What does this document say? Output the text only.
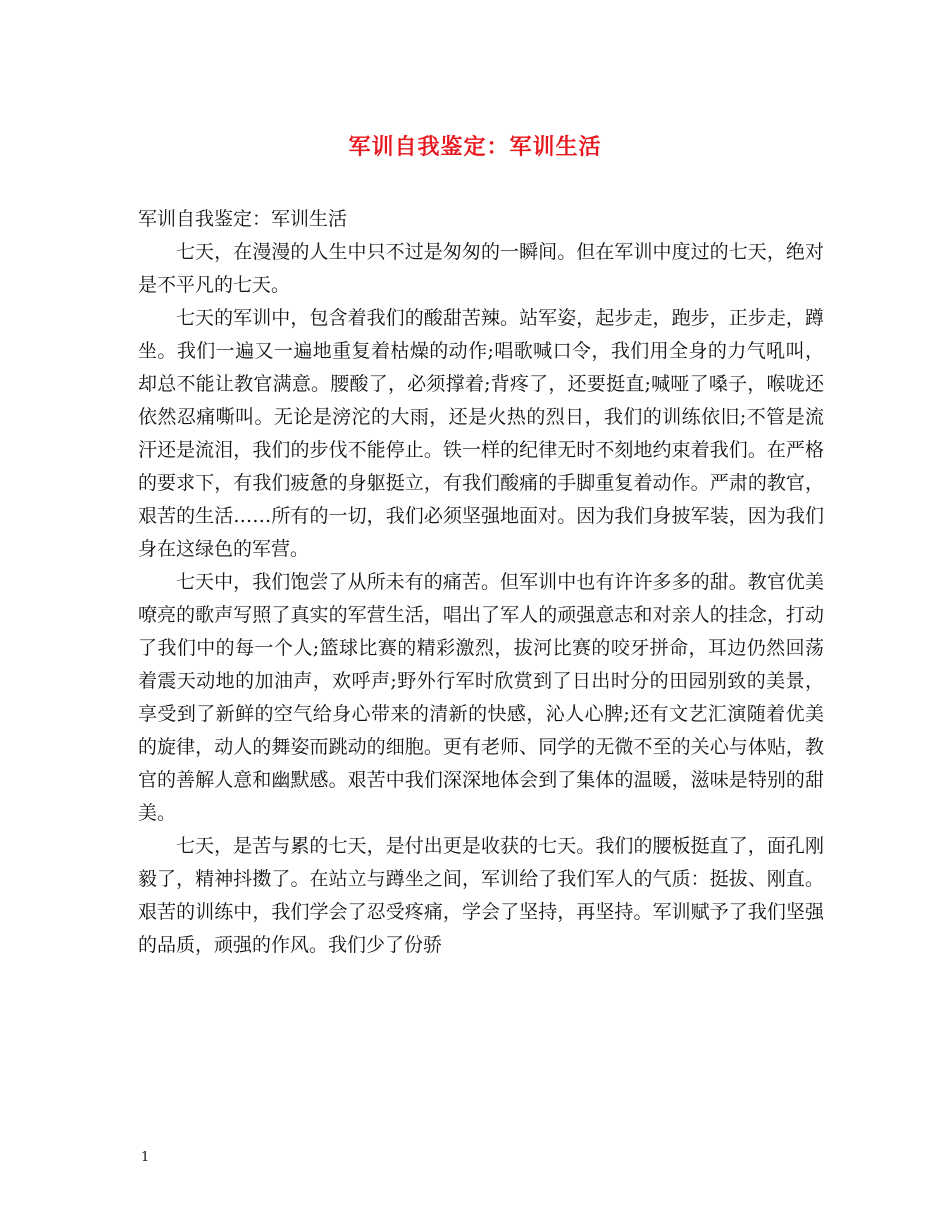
军训自我鉴定：军训生活

军训自我鉴定：军训生活

七天，在漫漫的人生中只不过是匆匆的一瞬间。但在军训中度过的七天，绝对是不平凡的七天。

七天的军训中，包含着我们的酸甜苦辣。站军姿，起步走，跑步，正步走，蹲坐。我们一遍又一遍地重复着枯燥的动作;唱歌喊口令，我们用全身的力气吼叫，却总不能让教官满意。腰酸了，必须撑着;背疼了，还要挺直;喊哑了嗓子，喉咙还依然忍痛嘶叫。无论是滂沱的大雨，还是火热的烈日，我们的训练依旧;不管是流汗还是流泪，我们的步伐不能停止。铁一样的纪律无时不刻地约束着我们。在严格的要求下，有我们疲惫的身躯挺立，有我们酸痛的手脚重复着动作。严肃的教官，艰苦的生活……所有的一切，我们必须坚强地面对。因为我们身披军装，因为我们身在这绿色的军营。

七天中，我们饱尝了从所未有的痛苦。但军训中也有许许多多的甜。教官优美嘹亮的歌声写照了真实的军营生活，唱出了军人的顽强意志和对亲人的挂念，打动了我们中的每一个人;篮球比赛的精彩激烈，拔河比赛的咬牙拼命，耳边仍然回荡着震天动地的加油声，欢呼声;野外行军时欣赏到了日出时分的田园别致的美景，享受到了新鲜的空气给身心带来的清新的快感，沁人心脾;还有文艺汇演随着优美的旋律，动人的舞姿而跳动的细胞。更有老师、同学的无微不至的关心与体贴，教官的善解人意和幽默感。艰苦中我们深深地体会到了集体的温暖，滋味是特别的甜美。

七天，是苦与累的七天，是付出更是收获的七天。我们的腰板挺直了，面孔刚毅了，精神抖擞了。在站立与蹲坐之间，军训给了我们军人的气质：挺拔、刚直。艰苦的训练中，我们学会了忍受疼痛，学会了坚持，再坚持。军训赋予了我们坚强的品质，顽强的作风。我们少了份骄

1
